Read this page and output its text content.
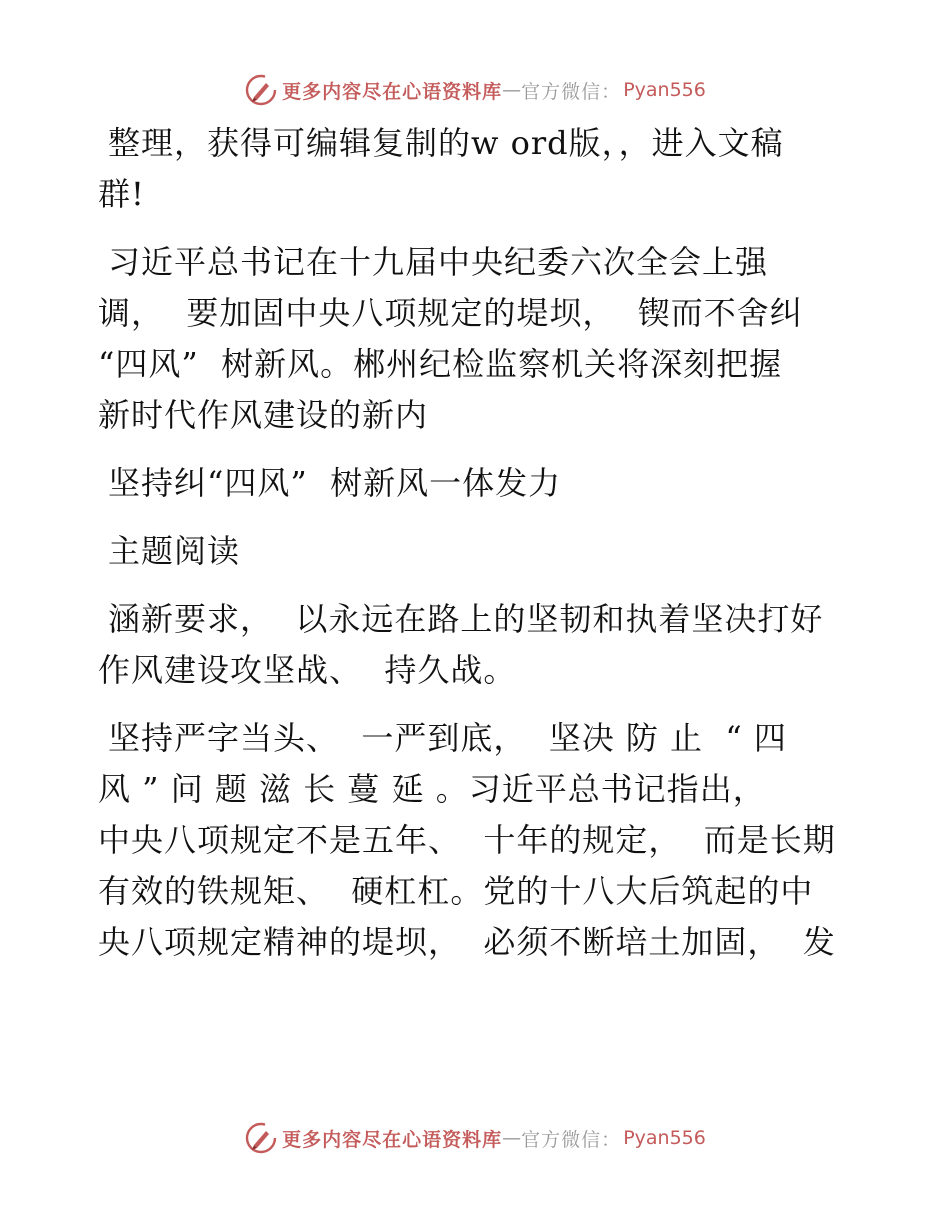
更多内容尽在心语资料库 — 官方微信： Pyan556

整理，获得可编辑复制的w ord版，，进入文稿
群!

习近平总书记在十九届中央纪委六次全会上强
调，  要加固中央八项规定的堤坝，  锲而不舍纠
“四风”  树新风。郴州纪检监察机关将深刻把握
新时代作风建设的新内

坚持纠“四风”  树新风一体发力

主题阅读

涵新要求，  以永远在路上的坚韧和执着坚决打好
作风建设攻坚战、  持久战。

坚持严字当头、  一严到底，  坚决 防 止  “ 四
风 ” 问 题 滋 长 蔓 延 。习近平总书记指出，
中央八项规定不是五年、  十年的规定，  而是长期
有效的铁规矩、  硬杠杠。党的十八大后筑起的中
央八项规定精神的堤坝，  必须不断培土加固，  发

更多内容尽在心语资料库 — 官方微信： Pyan556
